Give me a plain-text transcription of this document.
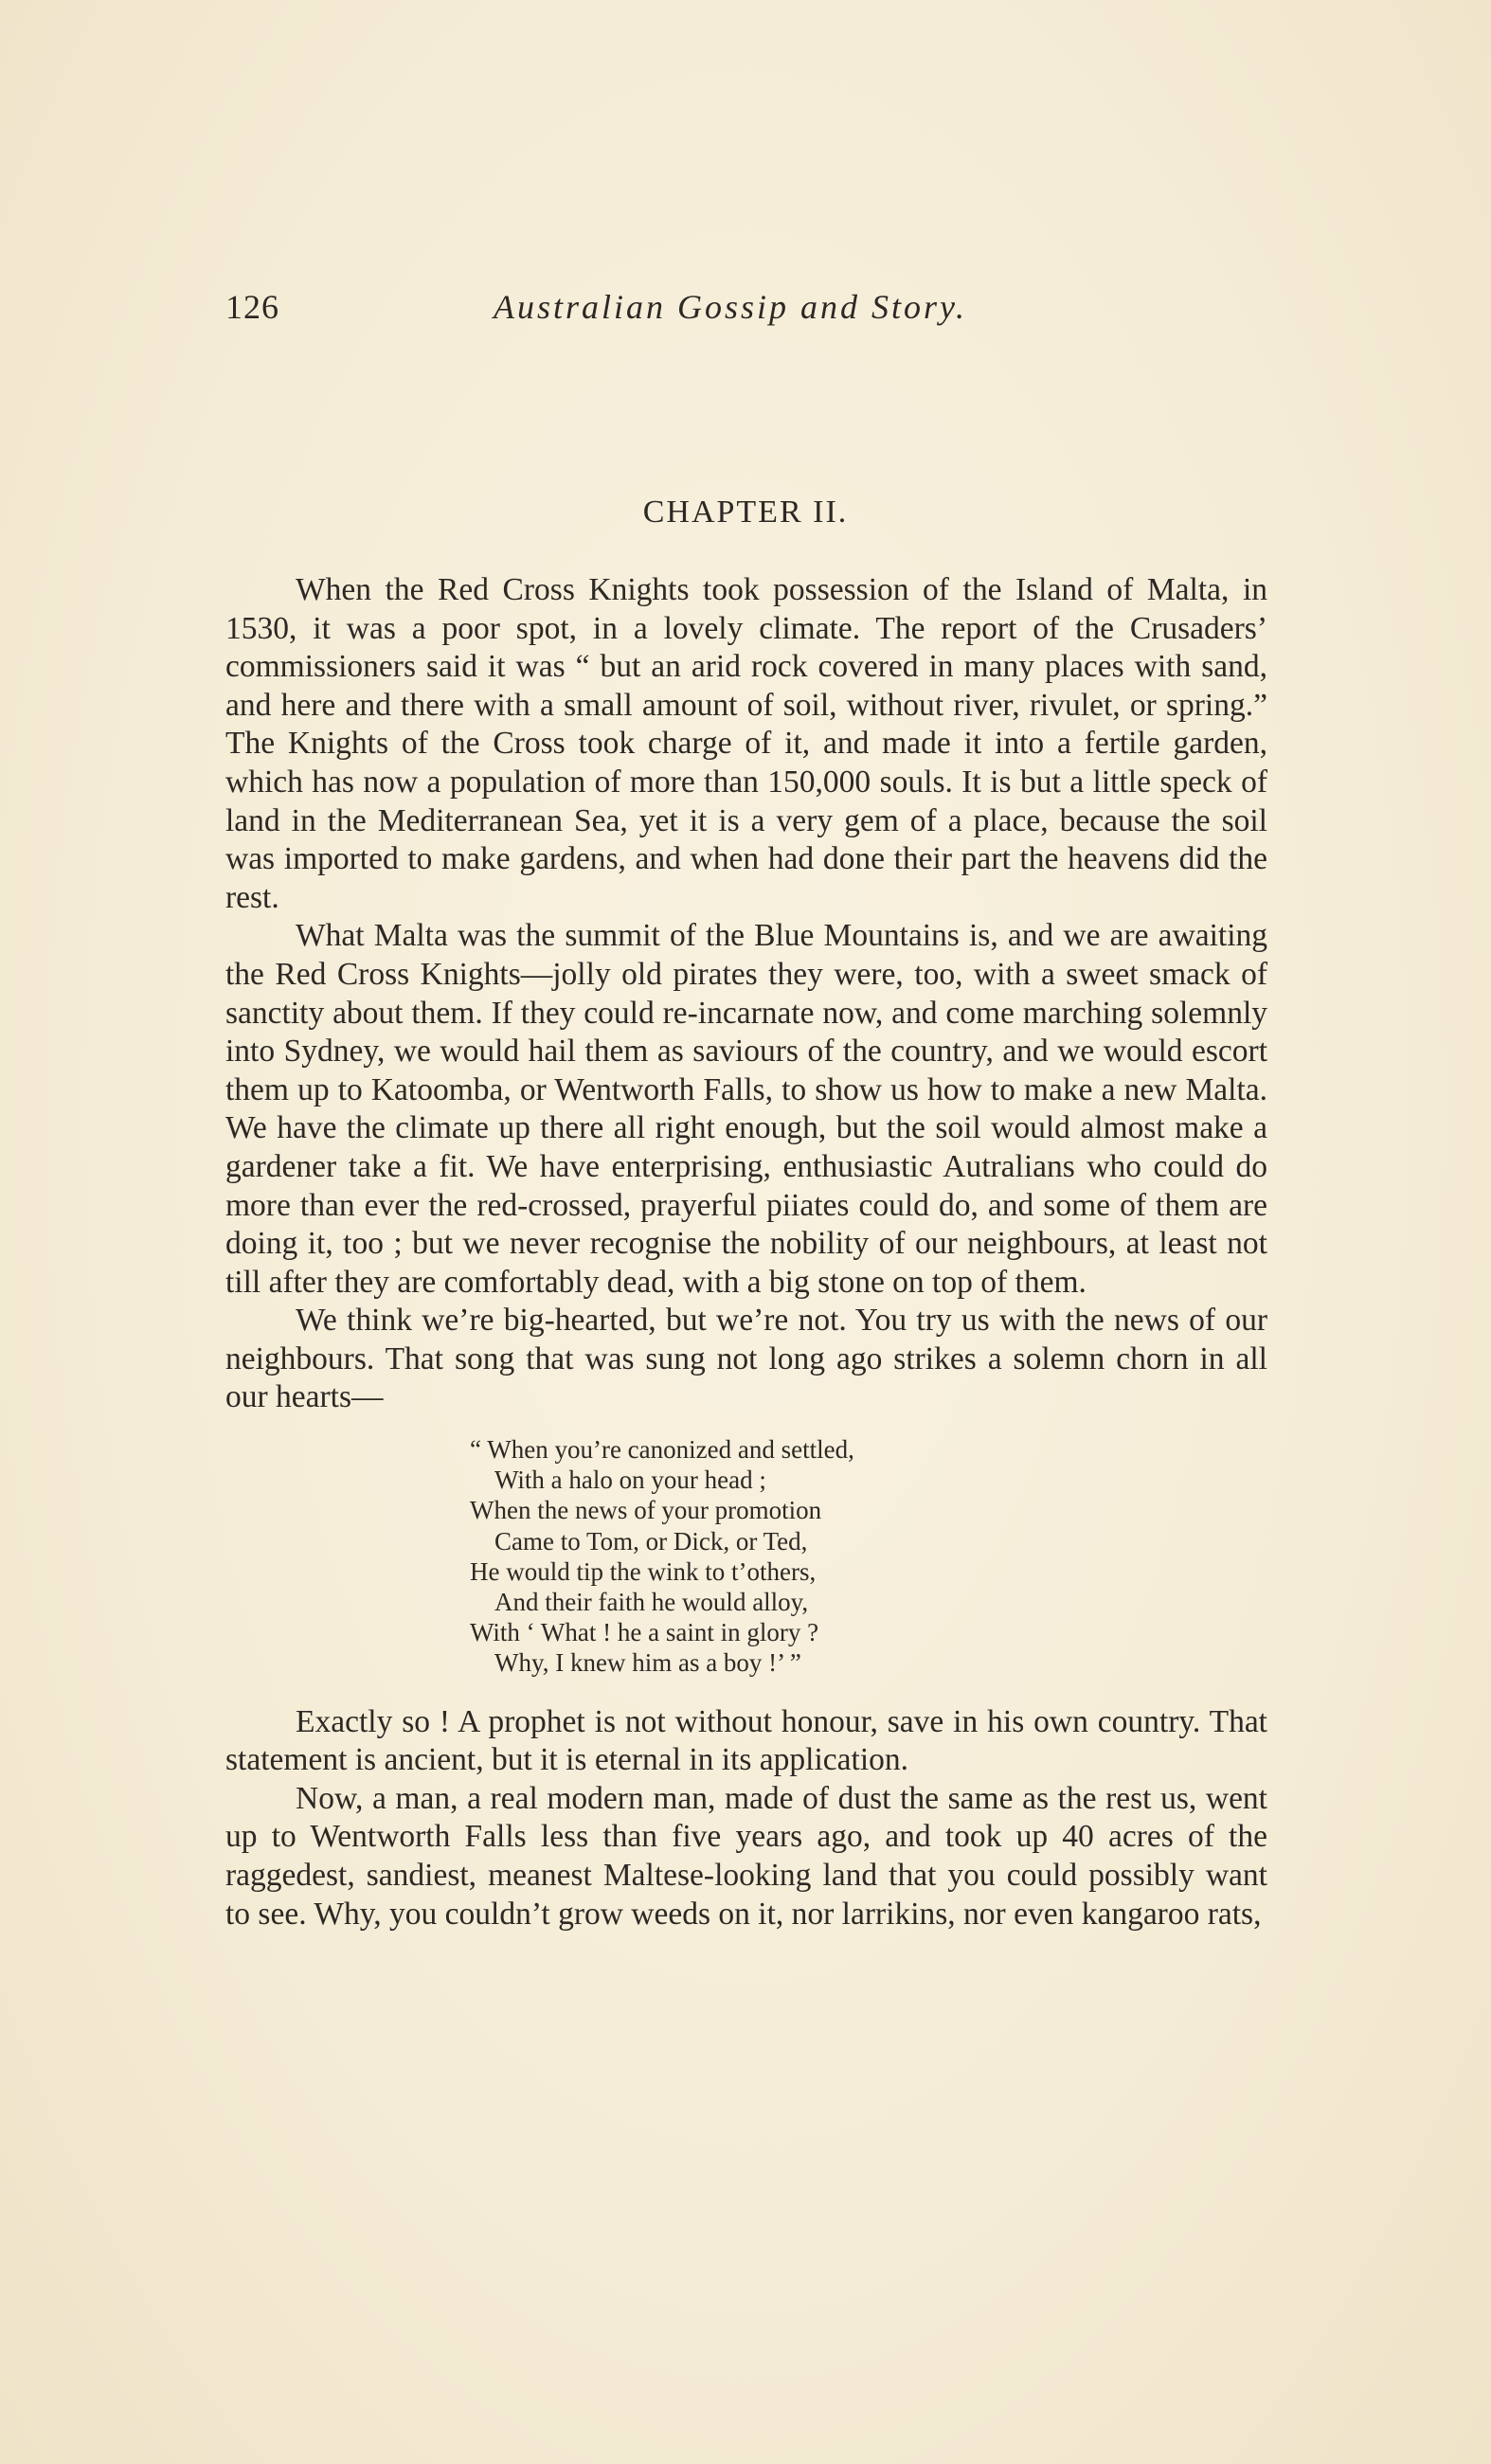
126	Australian Gossip and Story.
CHAPTER II.

When the Red Cross Knights took possession of the Island of Malta, in 1530, it was a poor spot, in a lovely climate. The report of the Crusaders’ commissioners said it was “ but an arid rock covered in many places with sand, and here and there with a small amount of soil, without river, rivulet, or spring.” The Knights of the Cross took charge of it, and made it into a fertile garden, which has now a population of more than 150,000 souls. It is but a little speck of land in the Mediterranean Sea, yet it is a very gem of a place, because the soil was imported to make gardens, and when had done their part the heavens did the rest.

What Malta was the summit of the Blue Mountains is, and we are awaiting the Red Cross Knights—jolly old pirates they were, too, with a sweet smack of sanctity about them. If they could re-incarnate now, and come marching solemnly into Sydney, we would hail them as saviours of the country, and we would escort them up to Katoomba, or Wentworth Falls, to show us how to make a new Malta. We have the climate up there all right enough, but the soil would almost make a gardener take a fit. We have enterprising, enthusiastic Autralians who could do more than ever the red-crossed, prayerful piiates could do, and some of them are doing it, too ; but we never recognise the nobility of our neighbours, at least not till after they are comfortably dead, with a big stone on top of them.

We think we’re big-hearted, but we’re not. You try us with the news of our neighbours. That song that was sung not long ago strikes a solemn chorn in all our hearts—

“ When you’re canonized and settled,
With a halo on your head ;
When the news of your promotion
Came to Tom, or Dick, or Ted,
He would tip the wink to t’others,
And their faith he would alloy,
With ‘ What ! he a saint in glory ?
Why, I knew him as a boy !’ ”

Exactly so ! A prophet is not without honour, save in his own country. That statement is ancient, but it is eternal in its application.

Now, a man, a real modern man, made of dust the same as the rest us, went up to Wentworth Falls less than five years ago, and took up 40 acres of the raggedest, sandiest, meanest Maltese-looking land that you could possibly want to see. Why, you couldn’t grow weeds on it, nor larrikins, nor even kangaroo rats,
